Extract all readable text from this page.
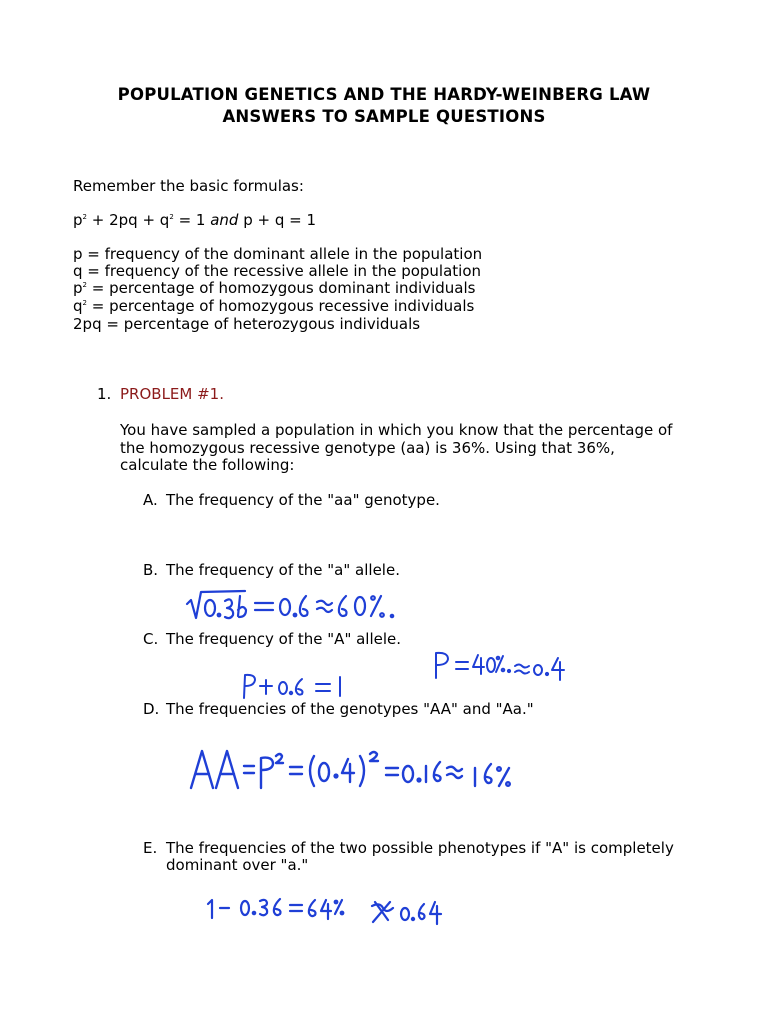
POPULATION GENETICS AND THE HARDY-WEINBERG LAW
ANSWERS TO SAMPLE QUESTIONS
Remember the basic formulas:
$p^2 + 2pq + q^2 = 1$ and p + q = 1
p = frequency of the dominant allele in the population
q = frequency of the recessive allele in the population
$p^2$ = percentage of homozygous dominant individuals
$q^2$ = percentage of homozygous recessive individuals
2pq = percentage of heterozygous individuals
1. PROBLEM #1.
You have sampled a population in which you know that the percentage of
the homozygous recessive genotype (aa) is 36%. Using that 36%,
calculate the following:
A. The frequency of the "aa" genotype.
B. The frequency of the "a" allele.
C. The frequency of the "A" allele.
D. The frequencies of the genotypes "AA" and "Aa."
E. The frequencies of the two possible phenotypes if "A" is completely
dominant over "a."
